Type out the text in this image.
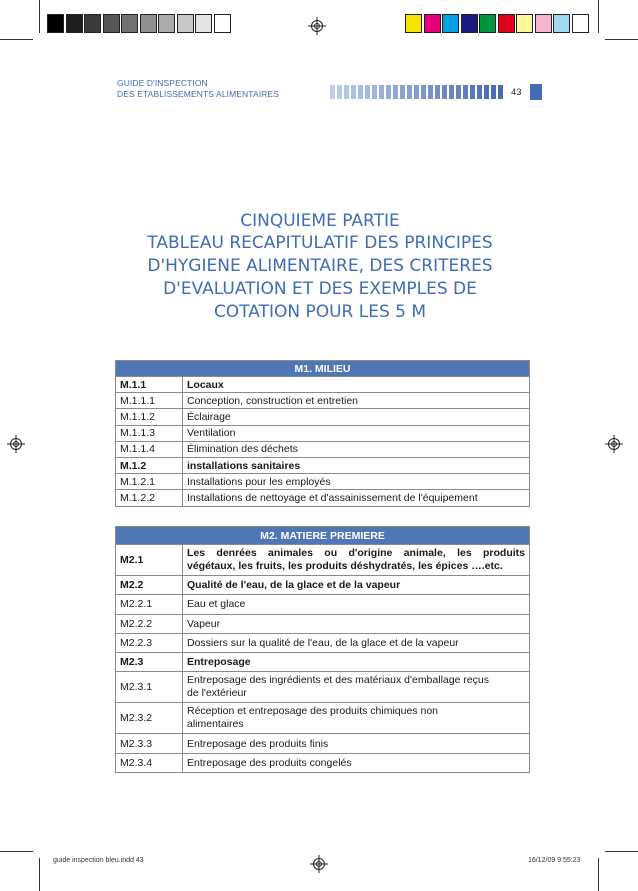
GUIDE D'INSPECTION
DES ÉTABLISSEMENTS ALIMENTAIRES	43
CINQUIEME PARTIE
TABLEAU RECAPITULATIF DES PRINCIPES
D'HYGIENE ALIMENTAIRE, DES CRITERES
D'EVALUATION ET DES EXEMPLES DE
COTATION POUR LES 5 M
M1. MILIEU	
M.1.1	Locaux
M.1.1.1	Conception, construction et entretien
M.1.1.2	Éclairage
M.1.1.3	Ventilation
M.1.1.4	Élimination des déchets
M.1.2	installations sanitaires
M.1.2.1	Installations pour les employés
M.1.2.2	Installations de nettoyage et d'assainissement de l'équipement
M2. MATIERE PREMIERE	
M2.1	Les denrées animales ou d'origine animale, les produits
végétaux, les fruits, les produits déshydratés, les épices ….etc.

M2.2	Qualité de l'eau, de la glace et de la vapeur
M2.2.1	Eau et glace
M2.2.2	Vapeur
M2.2.3	Dossiers sur la qualité de l'eau, de la glace et de la vapeur
M2.3	Entreposage
M2.3.1	Entreposage des ingrédients et des matériaux d'emballage reçus
de l'extérieur

M2.3.2	Réception et entreposage des produits chimiques non
alimentaires

M2.3.3	Entreposage des produits finis
M2.3.4	Entreposage des produits congelés
guide inspection bleu.indd 43	16/12/09 9:55:23
